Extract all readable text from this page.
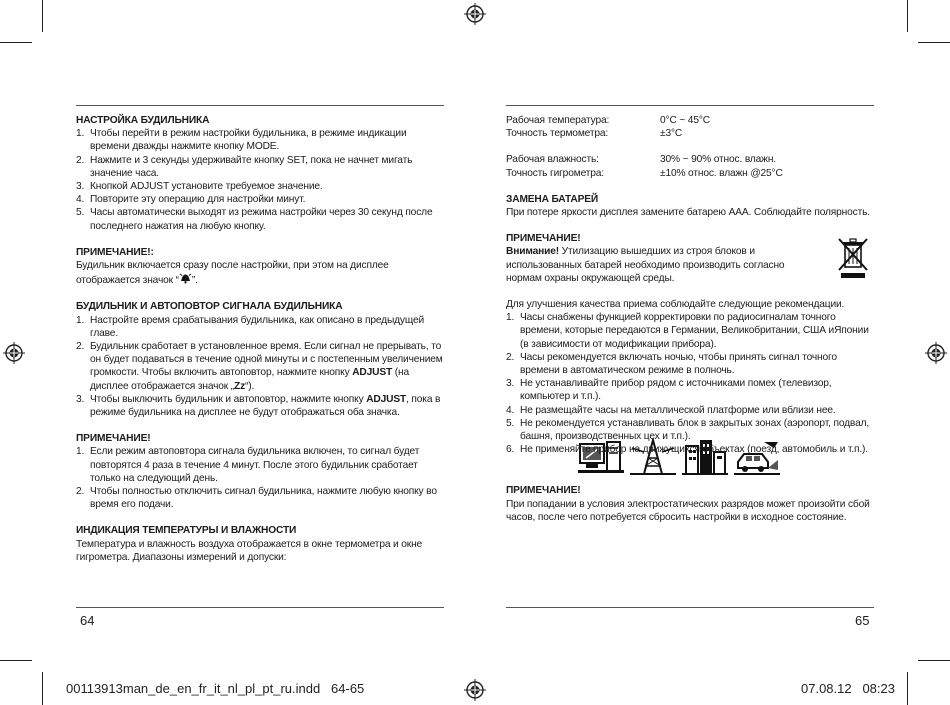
НАСТРОЙКА БУДИЛЬНИКА

1. Чтобы перейти в режим настройки будильника, в режиме индикации времени дважды нажмите кнопку MODE.
2. Нажмите и 3 секунды удерживайте кнопку SET, пока не начнет мигать значение часа.
3. Кнопкой ADJUST установите требуемое значение.
4. Повторите эту операцию для настройки минут.
5. Часы автоматически выходят из режима настройки через 30 секунд после последнего нажатия на любую кнопку.

ПРИМЕЧАНИЕ!:

Будильник включается сразу после настройки, при этом на дисплее
отображается значок “ ”.

БУДИЛЬНИК И АВТОПОВТОР СИГНАЛА БУДИЛЬНИКА

1. Настройте время срабатывания будильника, как описано в предыдущей главе.
2. Будильник сработает в установленное время. Если сигнал не прерывать, то он будет подаваться в течение одной минуты и с постепенным увеличением громкости. Чтобы включить автоповтор, нажмите кнопку ADJUST (на дисплее отображается значок „Zz“).
3. Чтобы выключить будильник и автоповтор, нажмите кнопку ADJUST, пока в режиме будильника на дисплее не будут отображаться оба значка.

ПРИМЕЧАНИЕ!

1. Если режим автоповтора сигнала будильника включен, то сигнал будет повторятся 4 раза в течение 4 минут. После этого будильник сработает только на следующий день.
2. Чтобы полностью отключить сигнал будильника, нажмите любую кнопку во время его подачи.

ИНДИКАЦИЯ ТЕМПЕРАТУРЫ И ВЛАЖНОСТИ

Температура и влажность воздуха отображается в окне термометра и окне гигрометра. Диапазоны измерений и допуски:

64
Рабочая температура:	0°C ~ 45°C
Точность термометра:	±3°C
Рабочая влажность:	30% ~ 90% относ. влажн.
Точность гигрометра:	±10% относ. влажн @25°C

ЗАМЕНА БАТАРЕЙ

При потере яркости дисплея замените батарею AAA. Соблюдайте полярность.

ПРИМЕЧАНИЕ!

Внимание! Утилизацию вышедших из строя блоков и использованных батарей необходимо производить согласно нормам охраны окружающей среды.

Для улучшения качества приема соблюдайте следующие рекомендации.

1. Часы снабжены функцией корректировки по радиосигналам точного времени, которые передаются в Германии, Великобритании, США иЯпонии (в зависимости от модификации прибора).
2. Часы рекомендуется включать ночью, чтобы принять сигнал точного времени в автоматическом режиме в полночь.
3. Не устанавливайте прибор рядом с источниками помех (телевизор, компьютер и т.п.).
4. Не размещайте часы на металлической платформе или вблизи нее.
5. Не рекомендуется устанавливать блок в закрытых зонах (аэропорт, подвал, башня, производственных цех и т.п.).
6. Не применяйте прибор на движущихся объектах (поезд, автомобиль и т.п.).

ПРИМЕЧАНИЕ!

При попадании в условия электростатических разрядов может произойти сбой часов, после чего потребуется сбросить настройки в исходное состояние.

65
00113913man_de_en_fr_it_nl_pl_pt_ru.indd   64-65	07.08.12   08:23
